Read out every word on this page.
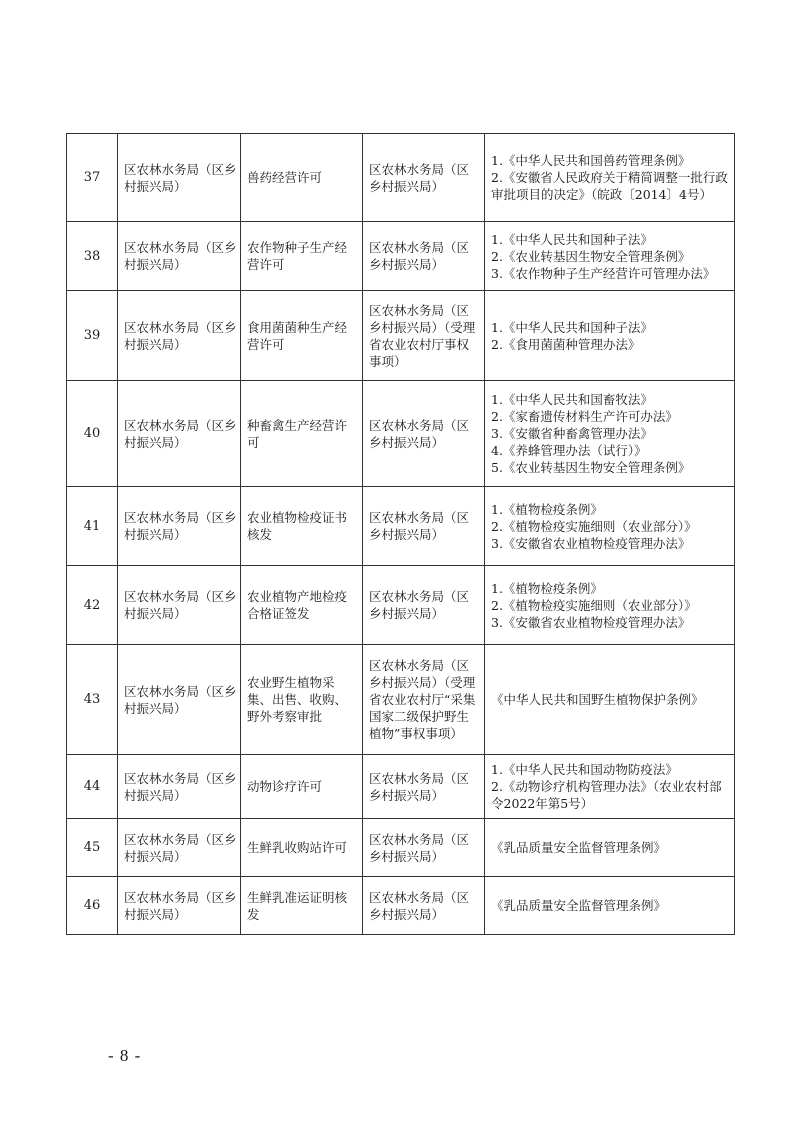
37	区农林水务局（区乡村振兴局）	兽药经营许可	区农林水务局（区乡村振兴局）	1.《中华人民共和国兽药管理条例》
2.《安徽省人民政府关于精简调整一批行政审批项目的决定》（皖政〔2014〕4号）

38	区农林水务局（区乡村振兴局）	农作物种子生产经营许可	区农林水务局（区乡村振兴局）	1.《中华人民共和国种子法》
2.《农业转基因生物安全管理条例》
3.《农作物种子生产经营许可管理办法》

39	区农林水务局（区乡村振兴局）	食用菌菌种生产经营许可	区农林水务局（区乡村振兴局）（受理省农业农村厅事权事项）	1.《中华人民共和国种子法》
2.《食用菌菌种管理办法》

40	区农林水务局（区乡村振兴局）	种畜禽生产经营许可	区农林水务局（区乡村振兴局）	1.《中华人民共和国畜牧法》
2.《家畜遗传材料生产许可办法》
3.《安徽省种畜禽管理办法》
4.《养蜂管理办法（试行）》
5.《农业转基因生物安全管理条例》

41	区农林水务局（区乡村振兴局）	农业植物检疫证书核发	区农林水务局（区乡村振兴局）	1.《植物检疫条例》
2.《植物检疫实施细则（农业部分）》
3.《安徽省农业植物检疫管理办法》

42	区农林水务局（区乡村振兴局）	农业植物产地检疫合格证签发	区农林水务局（区乡村振兴局）	1.《植物检疫条例》
2.《植物检疫实施细则（农业部分）》
3.《安徽省农业植物检疫管理办法》

43	区农林水务局（区乡村振兴局）	农业野生植物采集、出售、收购、野外考察审批	区农林水务局（区乡村振兴局）（受理省农业农村厅“采集国家二级保护野生植物”事权事项）	《中华人民共和国野生植物保护条例》

44	区农林水务局（区乡村振兴局）	动物诊疗许可	区农林水务局（区乡村振兴局）	1.《中华人民共和国动物防疫法》
2.《动物诊疗机构管理办法》（农业农村部令2022年第5号）

45	区农林水务局（区乡村振兴局）	生鲜乳收购站许可	区农林水务局（区乡村振兴局）	《乳品质量安全监督管理条例》

46	区农林水务局（区乡村振兴局）	生鲜乳准运证明核发	区农林水务局（区乡村振兴局）	《乳品质量安全监督管理条例》
- 8 -
